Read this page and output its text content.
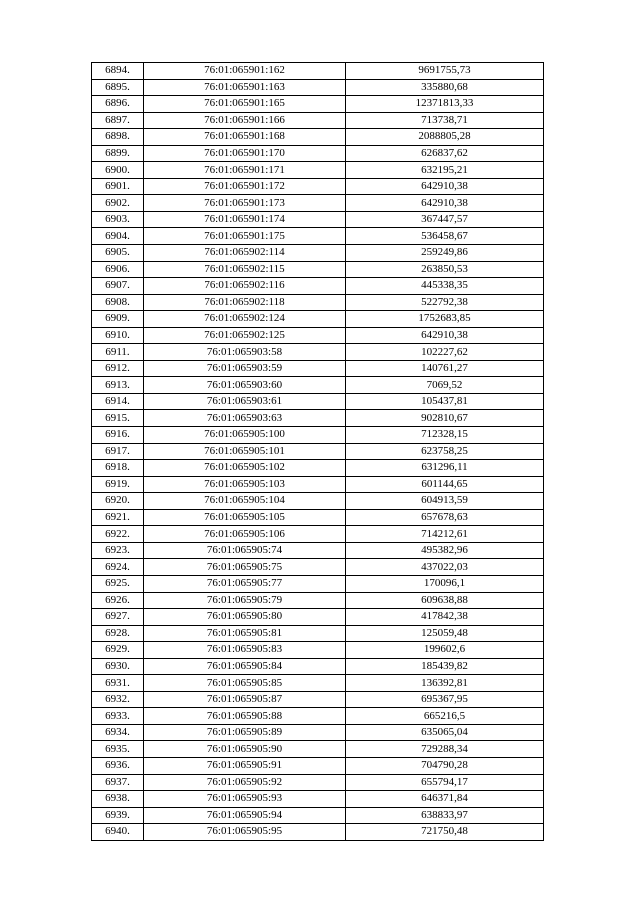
6894.	76:01:065901:162	9691755,73
6895.	76:01:065901:163	335880,68
6896.	76:01:065901:165	12371813,33
6897.	76:01:065901:166	713738,71
6898.	76:01:065901:168	2088805,28
6899.	76:01:065901:170	626837,62
6900.	76:01:065901:171	632195,21
6901.	76:01:065901:172	642910,38
6902.	76:01:065901:173	642910,38
6903.	76:01:065901:174	367447,57
6904.	76:01:065901:175	536458,67
6905.	76:01:065902:114	259249,86
6906.	76:01:065902:115	263850,53
6907.	76:01:065902:116	445338,35
6908.	76:01:065902:118	522792,38
6909.	76:01:065902:124	1752683,85
6910.	76:01:065902:125	642910,38
6911.	76:01:065903:58	102227,62
6912.	76:01:065903:59	140761,27
6913.	76:01:065903:60	7069,52
6914.	76:01:065903:61	105437,81
6915.	76:01:065903:63	902810,67
6916.	76:01:065905:100	712328,15
6917.	76:01:065905:101	623758,25
6918.	76:01:065905:102	631296,11
6919.	76:01:065905:103	601144,65
6920.	76:01:065905:104	604913,59
6921.	76:01:065905:105	657678,63
6922.	76:01:065905:106	714212,61
6923.	76:01:065905:74	495382,96
6924.	76:01:065905:75	437022,03
6925.	76:01:065905:77	170096,1
6926.	76:01:065905:79	609638,88
6927.	76:01:065905:80	417842,38
6928.	76:01:065905:81	125059,48
6929.	76:01:065905:83	199602,6
6930.	76:01:065905:84	185439,82
6931.	76:01:065905:85	136392,81
6932.	76:01:065905:87	695367,95
6933.	76:01:065905:88	665216,5
6934.	76:01:065905:89	635065,04
6935.	76:01:065905:90	729288,34
6936.	76:01:065905:91	704790,28
6937.	76:01:065905:92	655794,17
6938.	76:01:065905:93	646371,84
6939.	76:01:065905:94	638833,97
6940.	76:01:065905:95	721750,48
